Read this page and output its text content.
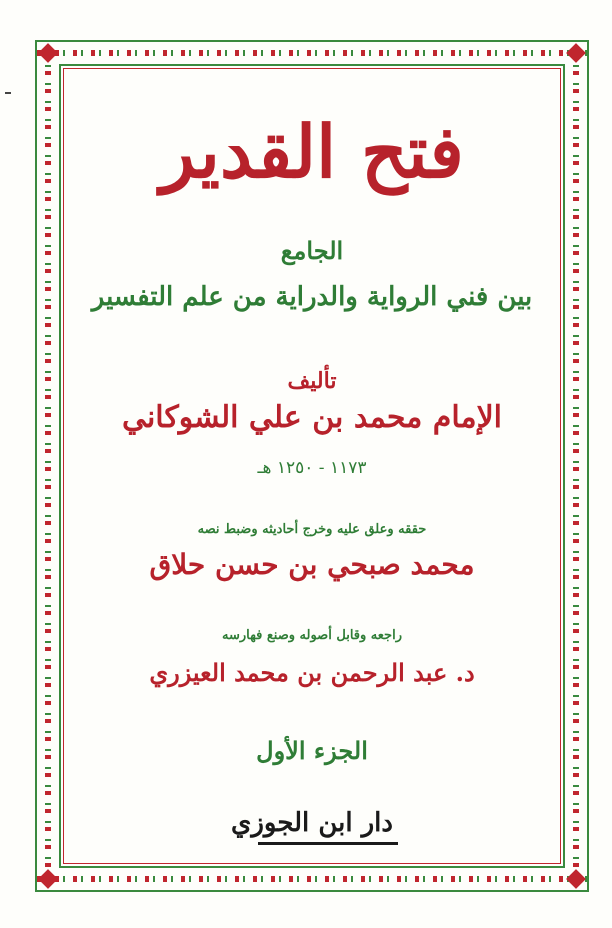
فتح القدير
الجامع
بين فني الرواية والدراية من علم التفسير
تأليف
الإمام محمد بن علي الشوكاني
١١٧٣ - ١٢٥٠ هـ
حققه وعلق عليه وخرج أحاديثه وضبط نصه
محمد صبحي بن حسن حلاق
راجعه وقابل أصوله وصنع فهارسه
د. عبد الرحمن بن محمد العيزري
الجزء الأول
دار ابن الجوزي
